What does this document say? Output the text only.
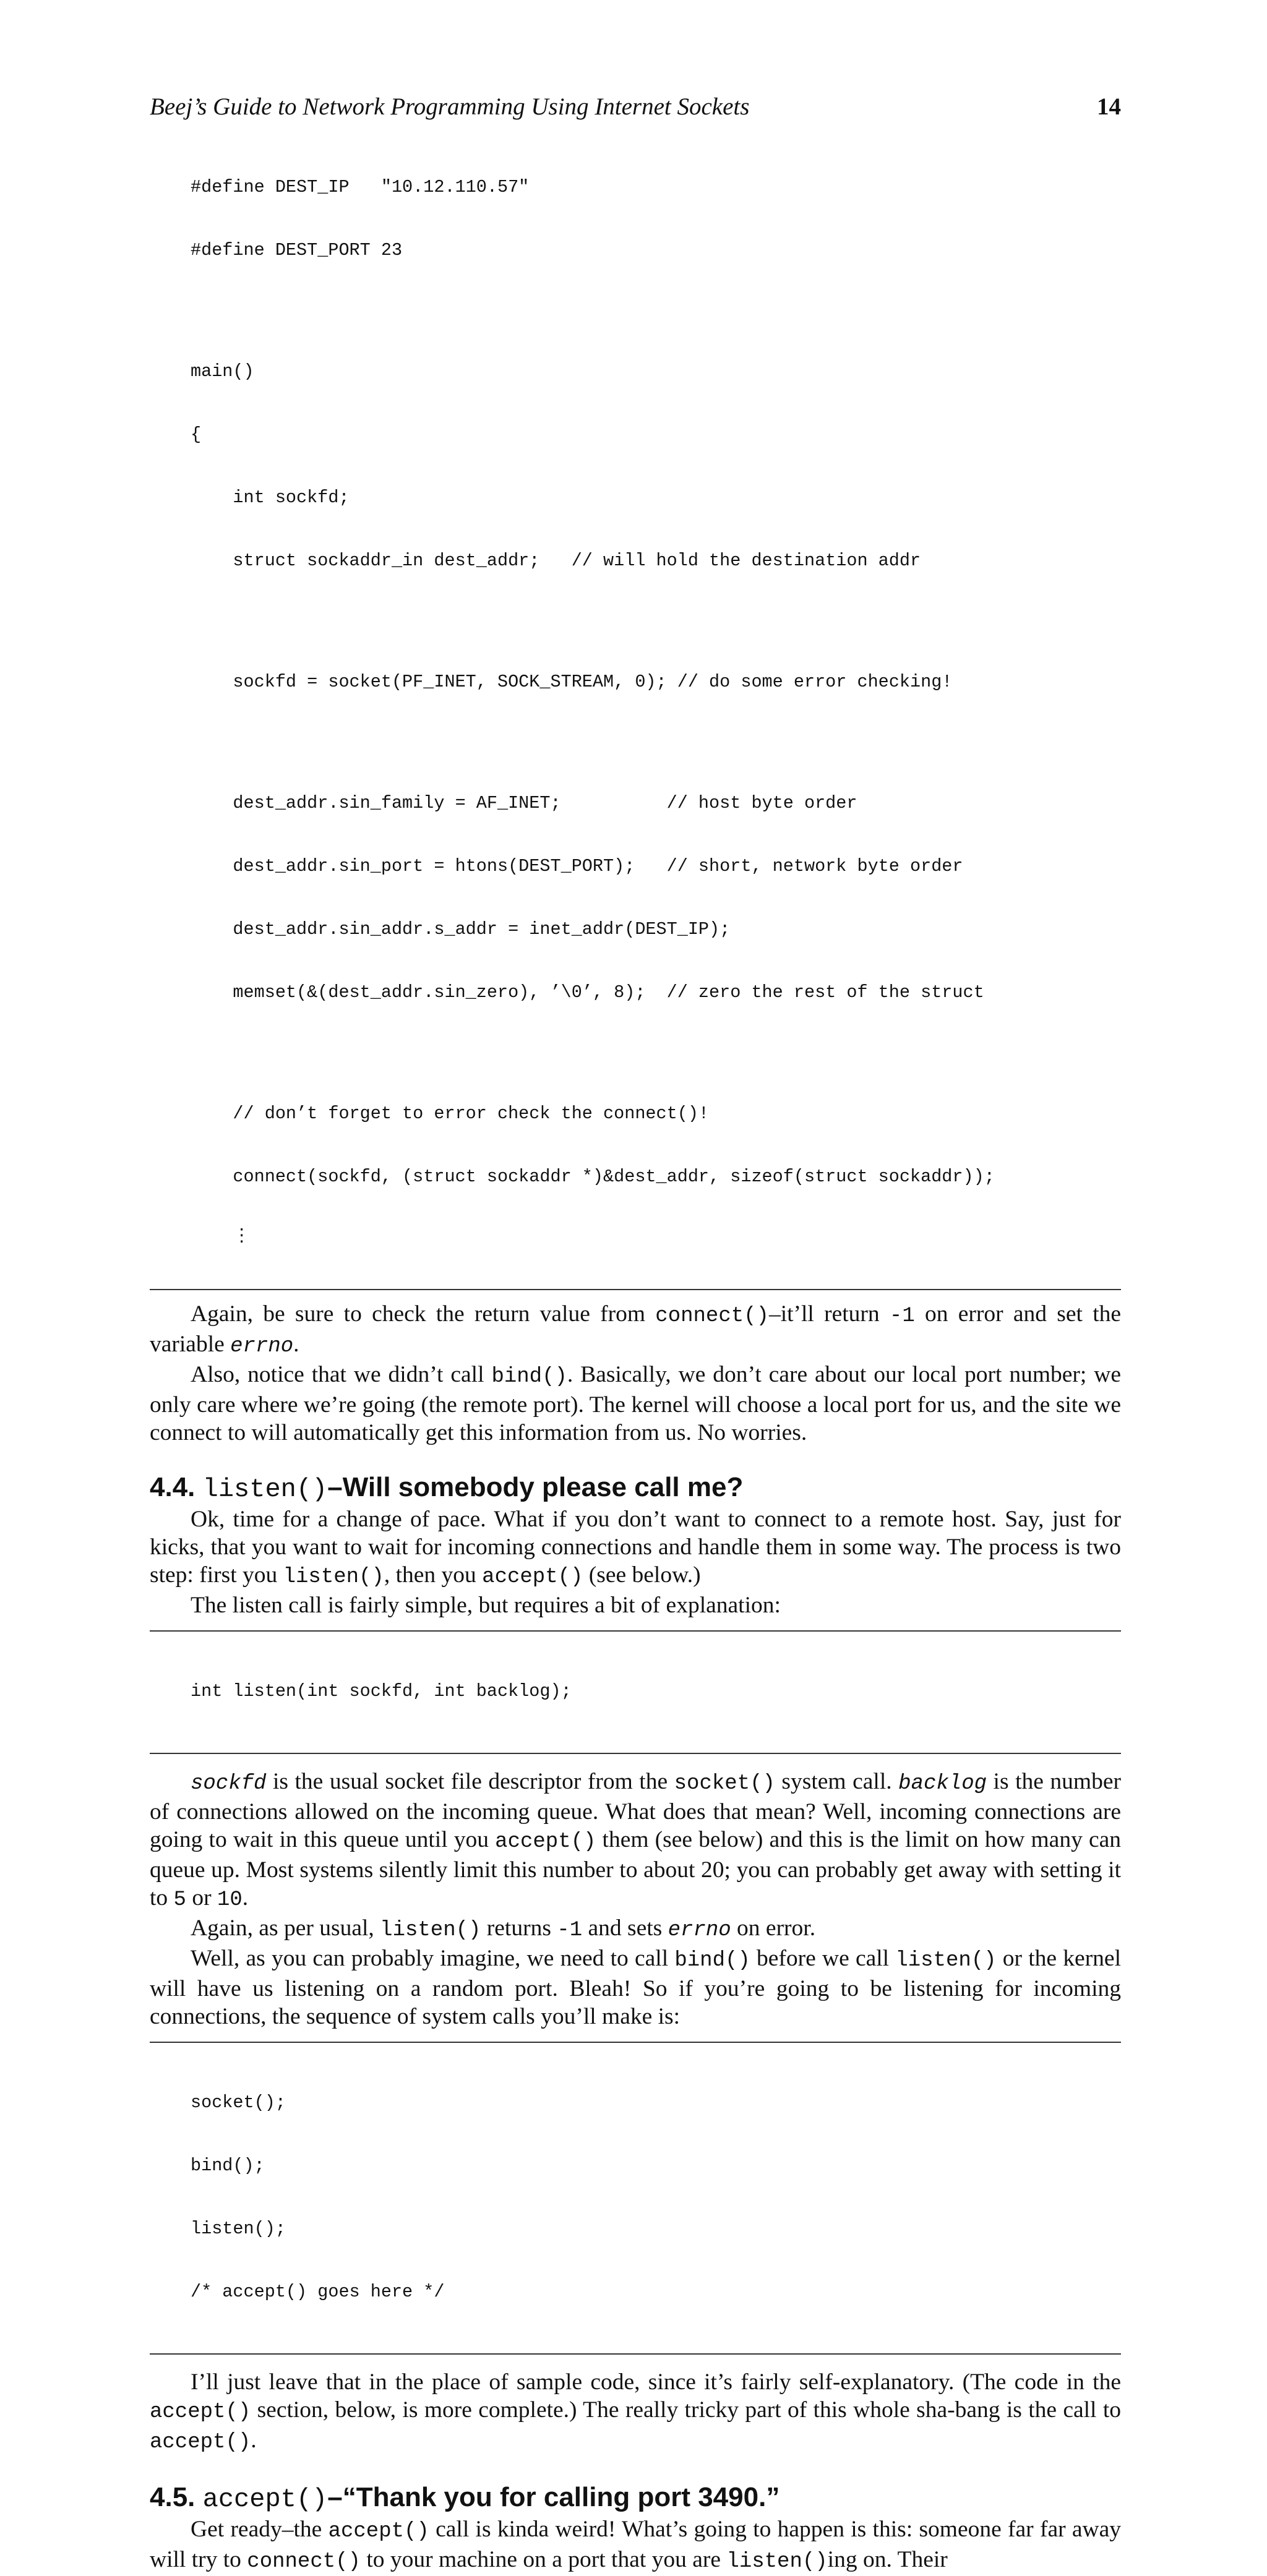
Beej’s Guide to Network Programming Using Internet Sockets	14

#define DEST_IP   "10.12.110.57"

#define DEST_PORT 23

main()

{

int sockfd;

struct sockaddr_in dest_addr;   // will hold the destination addr

sockfd = socket(PF_INET, SOCK_STREAM, 0); // do some error checking!

dest_addr.sin_family = AF_INET;          // host byte order

dest_addr.sin_port = htons(DEST_PORT);   // short, network byte order

dest_addr.sin_addr.s_addr = inet_addr(DEST_IP);

memset(&(dest_addr.sin_zero), ’\0’, 8);  // zero the rest of the struct

// don’t forget to error check the connect()!

connect(sockfd, (struct sockaddr *)&dest_addr, sizeof(struct sockaddr));

⋮

Again, be sure to check the return value from connect()–it’ll return -1 on error and set the variable errno.

Also, notice that we didn’t call bind(). Basically, we don’t care about our local port number; we only care where we’re going (the remote port). The kernel will choose a local port for us, and the site we connect to will automatically get this information from us. No worries.

4.4. listen()–Will somebody please call me?

Ok, time for a change of pace. What if you don’t want to connect to a remote host. Say, just for kicks, that you want to wait for incoming connections and handle them in some way. The process is two step: first you listen(), then you accept() (see below.)

The listen call is fairly simple, but requires a bit of explanation:

int listen(int sockfd, int backlog);

sockfd is the usual socket file descriptor from the socket() system call. backlog is the number of connections allowed on the incoming queue. What does that mean? Well, incoming connections are going to wait in this queue until you accept() them (see below) and this is the limit on how many can queue up. Most systems silently limit this number to about 20; you can probably get away with setting it to 5 or 10.

Again, as per usual, listen() returns -1 and sets errno on error.

Well, as you can probably imagine, we need to call bind() before we call listen() or the kernel will have us listening on a random port. Bleah! So if you’re going to be listening for incoming connections, the sequence of system calls you’ll make is:

socket();

bind();

listen();

/* accept() goes here */

I’ll just leave that in the place of sample code, since it’s fairly self-explanatory. (The code in the accept() section, below, is more complete.) The really tricky part of this whole sha-bang is the call to accept().

4.5. accept()–“Thank you for calling port 3490.”

Get ready–the accept() call is kinda weird! What’s going to happen is this: someone far far away will try to connect() to your machine on a port that you are listen()ing on. Their
